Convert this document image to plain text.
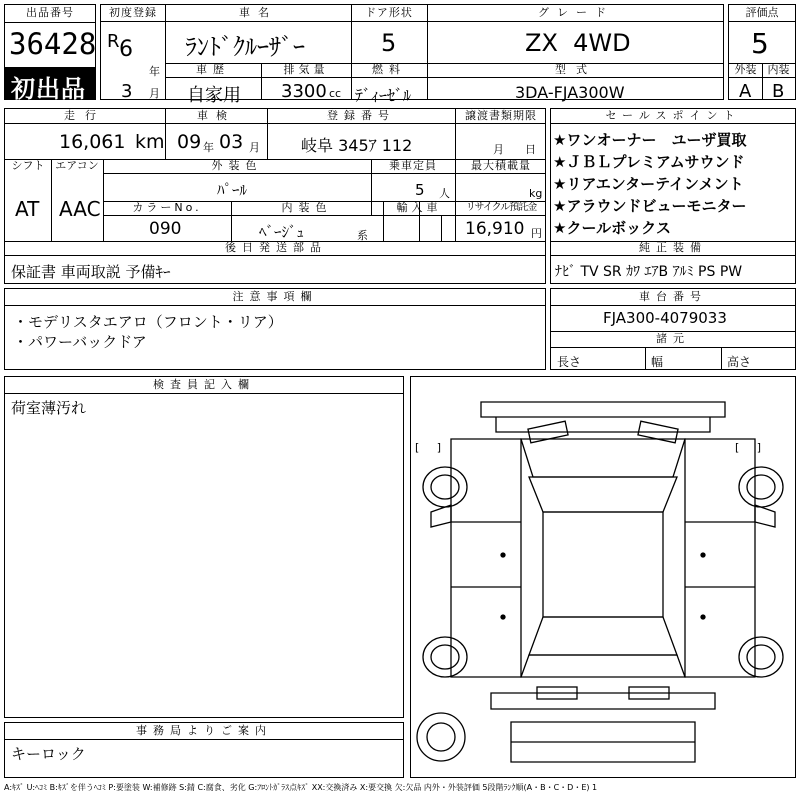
出品番号
36428
初出品
初度登録
R 6
年
3 月
車名
ﾗﾝﾄﾞｸﾙｰｻﾞｰ
ドア形状
5
グレード
ZX  4WD
車歴
自家用
排気量
3300 cc
燃料
ﾃﾞｨｰｾﾞﾙ
型式
3DA-FJA300W
評価点
5
外装	内装
A B
走行
16,061 km
車検
09 年 03 月
登録番号
岐阜 345ｱ 112
譲渡書類期限
月 日
シフト
AT
エアコン
AAC
外装色
ﾊﾟｰﾙ
乗車定員
5 人
最大積載量
kg
カラーNo.
090
内装色
ﾍﾞｰｼﾞｭ	系
輸入車	リサイクル預託金
16,910 円
後日発送部品
保証書 車両取説 予備ｷｰ
セールスポイント
★ワンオーナー　ユーザ買取
★ＪＢＬプレミアムサウンド
★リアエンターテインメント
★アラウンドビューモニター
★クールボックス
純正装備
ﾅﾋﾞ TV SR ｶﾜ ｴｱB ｱﾙﾐ PS PW
注意事項欄
・モデリスタエアロ（フロント・リア）
・パワーバックドア
車台番号
FJA300-4079033
諸元
長さ	幅	高さ
検査員記入欄
荷室薄汚れ
事務局よりご案内
キーロック
[     ]	[     ]
A:ｷｽﾞ U:ﾍｺﾐ B:ｷｽﾞを伴うﾍｺﾐ P:要塗装 W:補修跡 S:錆 C:腐食、劣化 G:ﾌﾛﾝﾄｶﾞﾗｽ点ｷｽﾞ XX:交換済み X:要交換 欠:欠品 内外・外装評価 5段階ﾗﾝｸ順(A・B・C・D・E) 1
